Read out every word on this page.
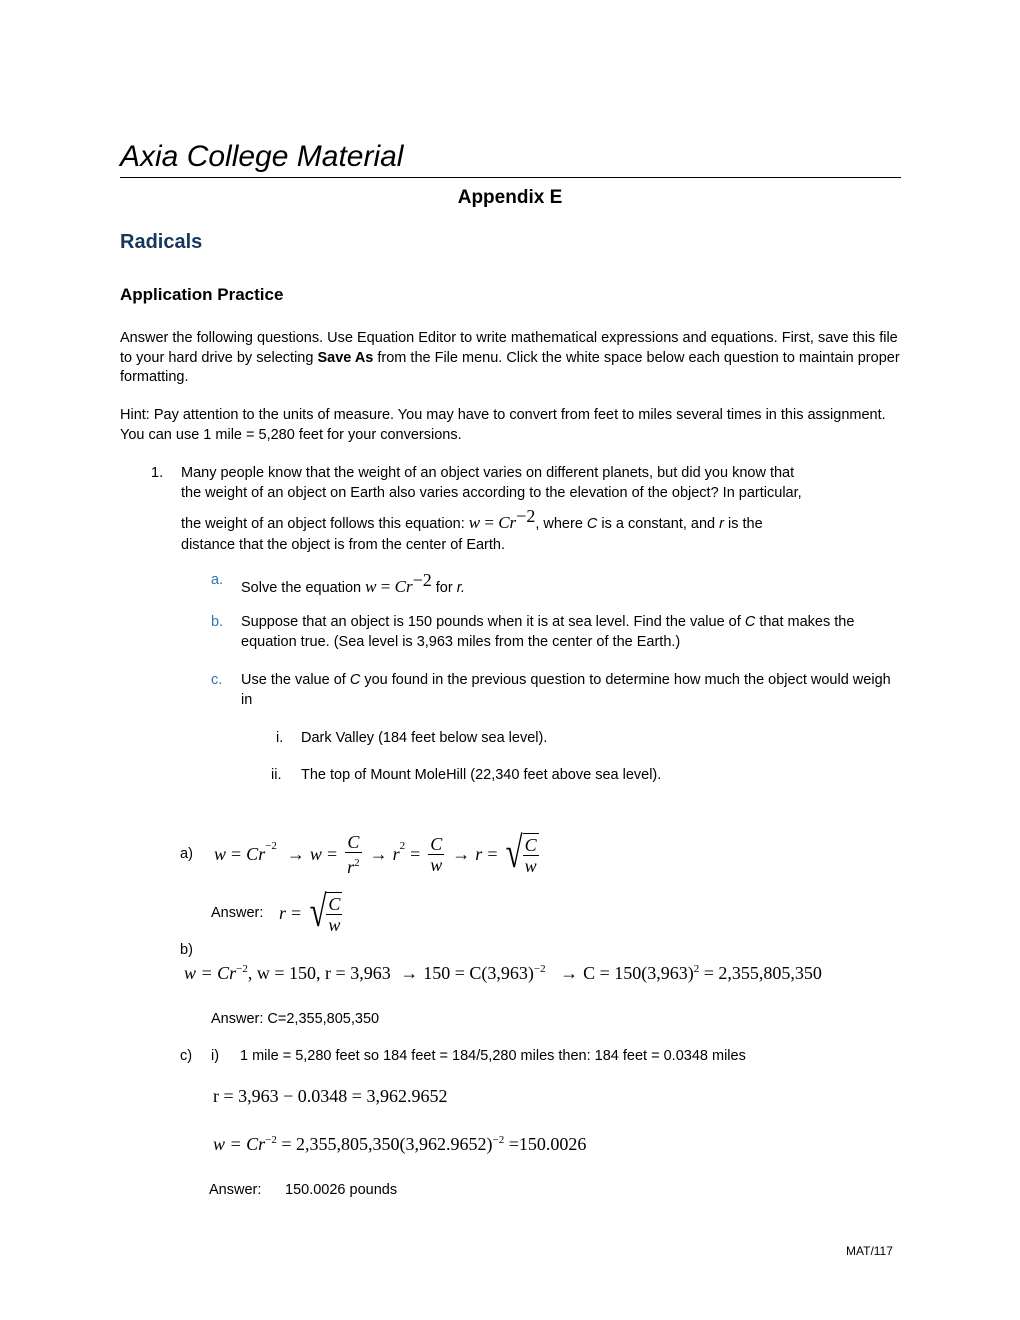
Axia College Material
Appendix E
Radicals
Application Practice
Answer the following questions. Use Equation Editor to write mathematical expressions and equations. First, save this file to your hard drive by selecting Save As from the File menu. Click the white space below each question to maintain proper formatting.
Hint: Pay attention to the units of measure. You may have to convert from feet to miles several times in this assignment. You can use 1 mile = 5,280 feet for your conversions.
1. Many people know that the weight of an object varies on different planets, but did you know that
the weight of an object on Earth also varies according to the elevation of the object? In particular,
the weight of an object follows this equation: $w = Cr^{-2}$, where C is a constant, and r is the
distance that the object is from the center of Earth.
a. Solve the equation $w = Cr^{-2}$ for r.
b. Suppose that an object is 150 pounds when it is at sea level. Find the value of C that makes the equation true. (Sea level is 3,963 miles from the center of the Earth.)
c. Use the value of C you found in the previous question to determine how much the object would weigh in
i. Dark Valley (184 feet below sea level).
ii. The top of Mount MoleHill (22,340 feet above sea level).
a) w = C $r^{-2} \to w = \frac{C}{r^2} \to r^2 = \frac{C}{w} \to r$ = √ $\frac{C}{w}$
Answer: r = √ $\frac{C}{w}$
b)
$w = Cr^{-2}$, w = 150, $r = 3,963 \to 150 = C(3,963)^{-2} \to C = 150(3,963)^2 = 2,355,805,350$
Answer: C=2,355,805,350
c) i) 1 mile = 5,280 feet so 184 feet = 184/5,280 miles then: 184 feet = 0.0348 miles
r = 3,963 − 0.0348 = 3,962.9652
$w = Cr^{-2} = 2,355,805,350(3,962.9652)^{-2} =150.0026$
Answer: 150.0026 pounds
MAT/117
